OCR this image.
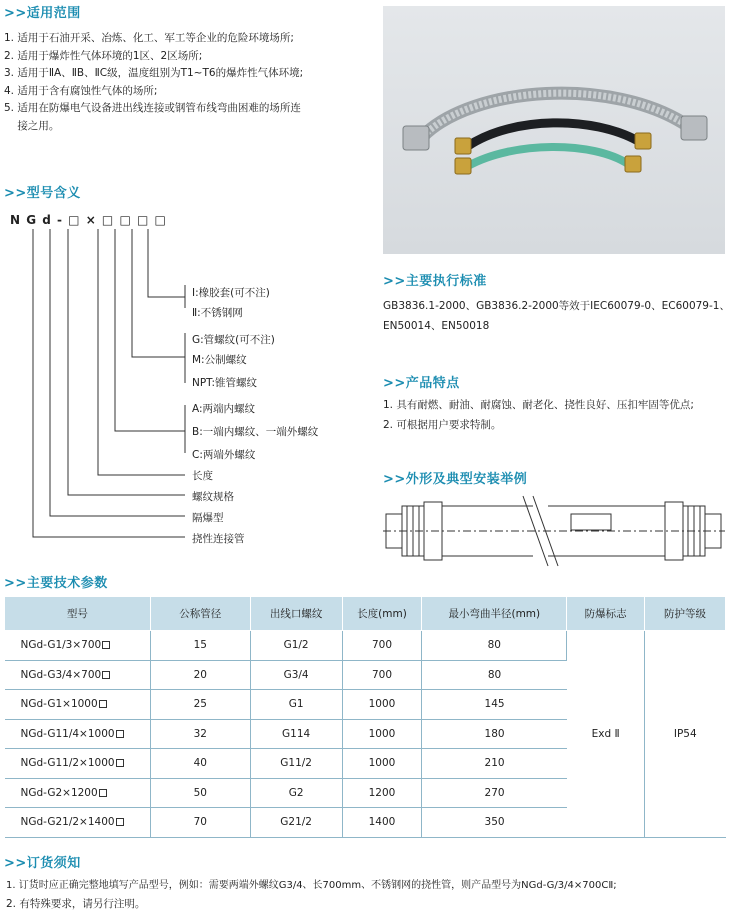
>>适用范围
1. 适用于石油开采、冶炼、化工、军工等企业的危险环境场所;
2. 适用于爆炸性气体环境的1区、2区场所;
3. 适用于ⅡA、ⅡB、ⅡC级，温度组别为T1~T6的爆炸性气体环境;
4. 适用于含有腐蚀性气体的场所;
5. 适用在防爆电气设备进出线连接或钢管布线弯曲困难的场所连
接之用。
>>型号含义
N G d - □ × □ □ □ □
Ⅰ:橡胶套(可不注)
Ⅱ:不锈钢网
G:管螺纹(可不注)
M:公制螺纹
NPT:锥管螺纹
A:两端内螺纹
B:一端内螺纹、一端外螺纹
C:两端外螺纹
长度
螺纹规格
隔爆型
挠性连接管
>>主要执行标准
GB3836.1-2000、GB3836.2-2000等效于IEC60079-0、EC60079-1、
EN50014、EN50018
>>产品特点
1. 具有耐燃、耐油、耐腐蚀、耐老化、挠性良好、压扣牢固等优点;
2. 可根据用户要求特制。
>>外形及典型安装举例
>>主要技术参数
型号	公称管径	出线口螺纹	长度(mm)	最小弯曲半径(mm)	防爆标志	防护等级
NGd-G1/3×700	15	G1/2	700	80	Exd Ⅱ	IP54
NGd-G3/4×700	20	G3/4	700	80		
NGd-G1×1000	25	G1	1000	145		
NGd-G11/4×1000	32	G114	1000	180		
NGd-G11/2×1000	40	G11/2	1000	210		
NGd-G2×1200	50	G2	1200	270		
NGd-G21/2×1400	70	G21/2	1400	350		
>>订货须知
1. 订货时应正确完整地填写产品型号，例如：需要两端外螺纹G3/4、长700mm、不锈钢网的挠性管，则产品型号为NGd-G/3/4×700CⅡ;
2. 有特殊要求，请另行注明。
